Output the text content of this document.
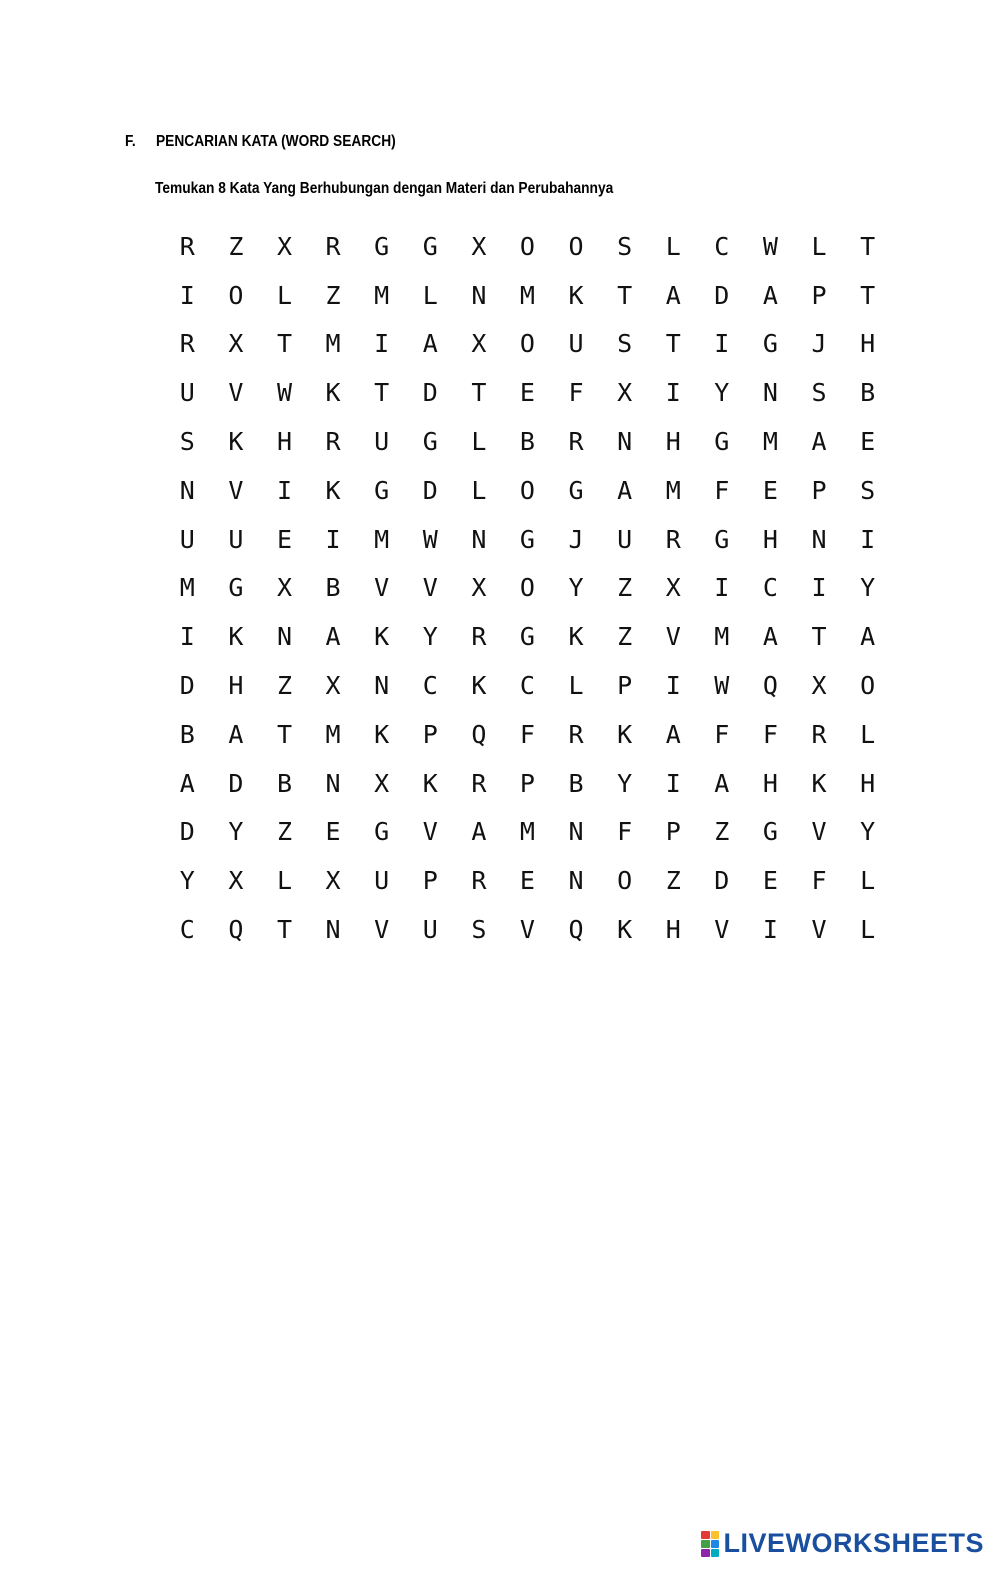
F. PENCARIAN KATA (WORD SEARCH)
Temukan 8 Kata Yang Berhubungan dengan Materi dan Perubahannya
R	Z	X	R	G	G	X	O	O	S	L	C	W	L	T
I	O	L	Z	M	L	N	M	K	T	A	D	A	P	T
R	X	T	M	I	A	X	O	U	S	T	I	G	J	H
U	V	W	K	T	D	T	E	F	X	I	Y	N	S	B
S	K	H	R	U	G	L	B	R	N	H	G	M	A	E
N	V	I	K	G	D	L	O	G	A	M	F	E	P	S
U	U	E	I	M	W	N	G	J	U	R	G	H	N	I
M	G	X	B	V	V	X	O	Y	Z	X	I	C	I	Y
I	K	N	A	K	Y	R	G	K	Z	V	M	A	T	A
D	H	Z	X	N	C	K	C	L	P	I	W	Q	X	O
B	A	T	M	K	P	Q	F	R	K	A	F	F	R	L
A	D	B	N	X	K	R	P	B	Y	I	A	H	K	H
D	Y	Z	E	G	V	A	M	N	F	P	Z	G	V	Y
Y	X	L	X	U	P	R	E	N	O	Z	D	E	F	L
C	Q	T	N	V	U	S	V	Q	K	H	V	I	V	L
LIVEWORKSHEETS
